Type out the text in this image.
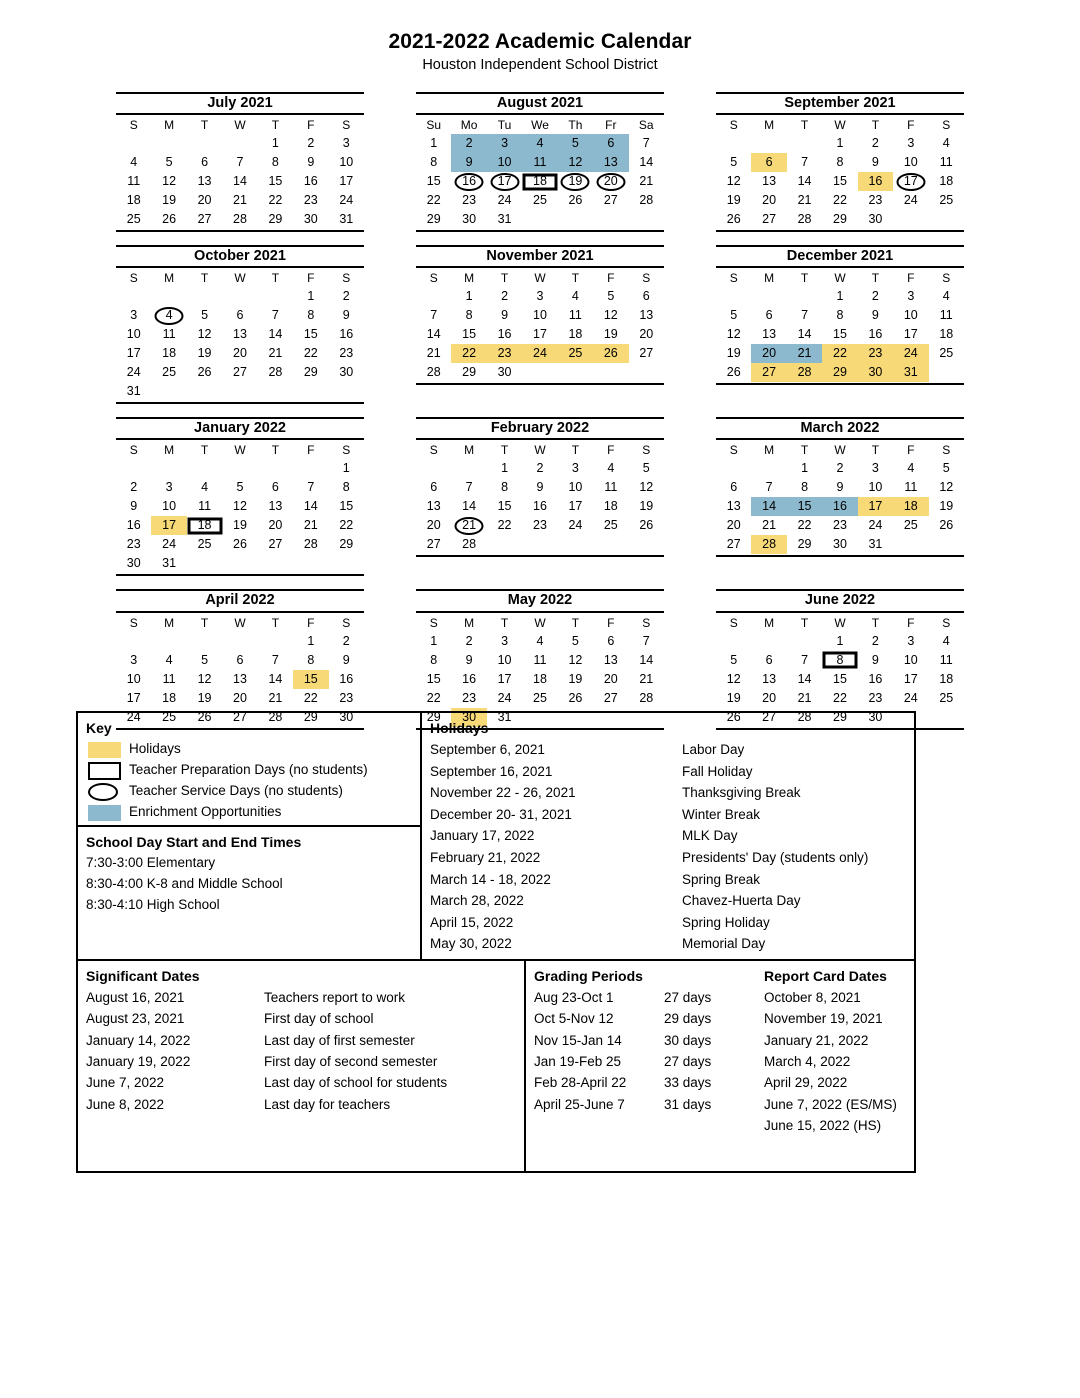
2021-2022 Academic Calendar
Houston Independent School District
July 2021
S	M	T	W	T	F	S

				1	2	3

4	5	6	7	8	9	10

11	12	13	14	15	16	17

18	19	20	21	22	23	24

25	26	27	28	29	30	31
August 2021
Su	Mo	Tu	We	Th	Fr	Sa

1	2	3	4	5	6	7

8	9	10	11	12	13	14

15	16	17	18	19	20	21

22	23	24	25	26	27	28

29	30	31				

September 2021
S	M	T	W	T	F	S

			1	2	3	4

5	6	7	8	9	10	11

12	13	14	15	16	17	18

19	20	21	22	23	24	25

26	27	28	29	30		

October 2021
S	M	T	W	T	F	S

					1	2

3	4	5	6	7	8	9

10	11	12	13	14	15	16

17	18	19	20	21	22	23

24	25	26	27	28	29	30

31						

November 2021
S	M	T	W	T	F	S

	1	2	3	4	5	6

7	8	9	10	11	12	13

14	15	16	17	18	19	20

21	22	23	24	25	26	27

28	29	30				

December 2021
S	M	T	W	T	F	S

			1	2	3	4

5	6	7	8	9	10	11

12	13	14	15	16	17	18

19	20	21	22	23	24	25

26	27	28	29	30	31	

January 2022
S	M	T	W	T	F	S

						1

2	3	4	5	6	7	8

9	10	11	12	13	14	15

16	17	18	19	20	21	22

23	24	25	26	27	28	29

30	31					

February 2022
S	M	T	W	T	F	S

		1	2	3	4	5

6	7	8	9	10	11	12

13	14	15	16	17	18	19

20	21	22	23	24	25	26

27	28					

March 2022
S	M	T	W	T	F	S

		1	2	3	4	5

6	7	8	9	10	11	12

13	14	15	16	17	18	19

20	21	22	23	24	25	26

27	28	29	30	31		

April 2022
S	M	T	W	T	F	S

					1	2

3	4	5	6	7	8	9

10	11	12	13	14	15	16

17	18	19	20	21	22	23

24	25	26	27	28	29	30
May 2022
S	M	T	W	T	F	S

1	2	3	4	5	6	7

8	9	10	11	12	13	14

15	16	17	18	19	20	21

22	23	24	25	26	27	28

29	30	31				

June 2022
S	M	T	W	T	F	S

			1	2	3	4

5	6	7	8	9	10	11

12	13	14	15	16	17	18

19	20	21	22	23	24	25

26	27	28	29	30		

Key
Holidays
Teacher Preparation Days (no students)
Teacher Service Days (no students)
Enrichment Opportunities
School Day Start and End Times
7:30-3:00 Elementary
8:30-4:00 K-8 and Middle School
8:30-4:10 High School
Holidays
September 6, 2021	Labor Day
September 16, 2021	Fall Holiday
November 22 - 26, 2021	Thanksgiving Break
December 20- 31, 2021	Winter Break
January 17, 2022	MLK Day
February 21, 2022	Presidents' Day (students only)
March 14 - 18, 2022	Spring Break
March 28, 2022	Chavez-Huerta Day
April 15, 2022	Spring Holiday
May 30, 2022	Memorial Day
Significant Dates
August 16, 2021	Teachers report to work
August 23, 2021	First day of school
January 14, 2022	Last day of first semester
January 19, 2022	First day of second semester
June 7, 2022	Last day of school for students
June 8, 2022	Last day for teachers
Grading Periods	Report Card Dates
Aug 23-Oct 1	27 days	October 8, 2021
Oct 5-Nov 12	29 days	November 19, 2021
Nov 15-Jan 14	30 days	January 21, 2022
Jan 19-Feb 25	27 days	March 4, 2022
Feb 28-April 22	33 days	April 29, 2022
April 25-June 7	31 days	June 7, 2022 (ES/MS)
June 15, 2022 (HS)
